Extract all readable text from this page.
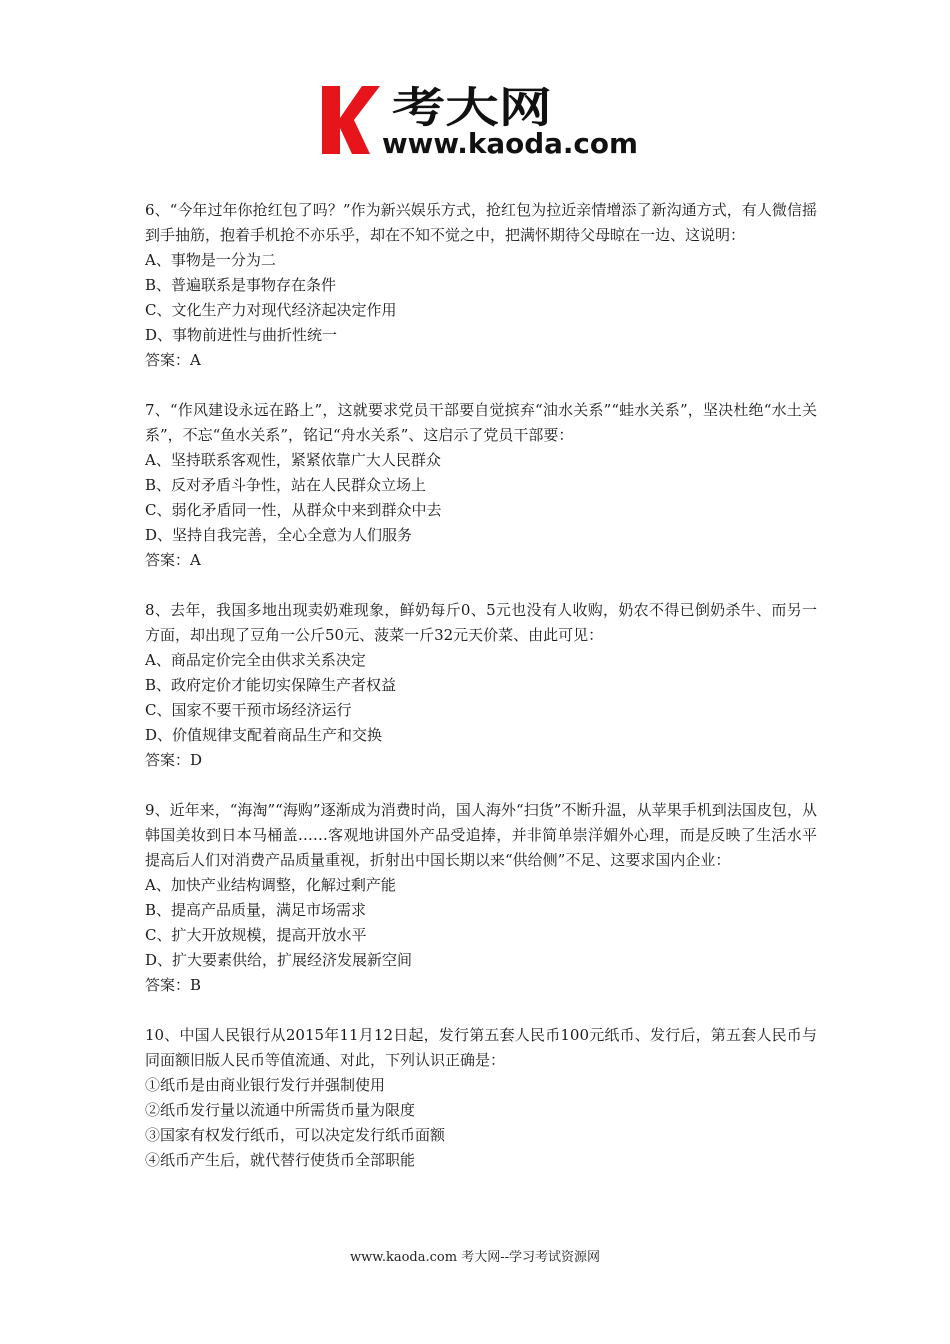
考大网
www.kaoda.com

6、“今年过年你抢红包了吗？”作为新兴娱乐方式，抢红包为拉近亲情增添了新沟通方式，有人微信摇到手抽筋，抱着手机抢不亦乐乎，却在不知不觉之中，把满怀期待父母晾在一边、这说明：

A、事物是一分为二

B、普遍联系是事物存在条件

C、文化生产力对现代经济起决定作用

D、事物前进性与曲折性统一

答案：A

7、“作风建设永远在路上”，这就要求党员干部要自觉摈弃“油水关系”“蛙水关系”，坚决杜绝“水土关系”，不忘“鱼水关系”，铭记“舟水关系”、这启示了党员干部要：

A、坚持联系客观性，紧紧依靠广大人民群众

B、反对矛盾斗争性，站在人民群众立场上

C、弱化矛盾同一性，从群众中来到群众中去

D、坚持自我完善，全心全意为人们服务

答案：A

8、去年，我国多地出现卖奶难现象，鲜奶每斤0、5元也没有人收购，奶农不得已倒奶杀牛、而另一方面，却出现了豆角一公斤50元、菠菜一斤32元天价菜、由此可见：

A、商品定价完全由供求关系决定

B、政府定价才能切实保障生产者权益

C、国家不要干预市场经济运行

D、价值规律支配着商品生产和交换

答案：D

9、近年来，“海淘”“海购”逐渐成为消费时尚，国人海外“扫货”不断升温，从苹果手机到法国皮包，从韩国美妆到日本马桶盖……客观地讲国外产品受追捧，并非简单崇洋媚外心理，而是反映了生活水平提高后人们对消费产品质量重视，折射出中国长期以来“供给侧”不足、这要求国内企业：

A、加快产业结构调整，化解过剩产能

B、提高产品质量，满足市场需求

C、扩大开放规模，提高开放水平

D、扩大要素供给，扩展经济发展新空间

答案：B

10、中国人民银行从2015年11月12日起，发行第五套人民币100元纸币、发行后，第五套人民币与同面额旧版人民币等值流通、对此，下列认识正确是：

①纸币是由商业银行发行并强制使用

②纸币发行量以流通中所需货币量为限度

③国家有权发行纸币，可以决定发行纸币面额

④纸币产生后，就代替行使货币全部职能

www.kaoda.com 考大网--学习考试资源网
